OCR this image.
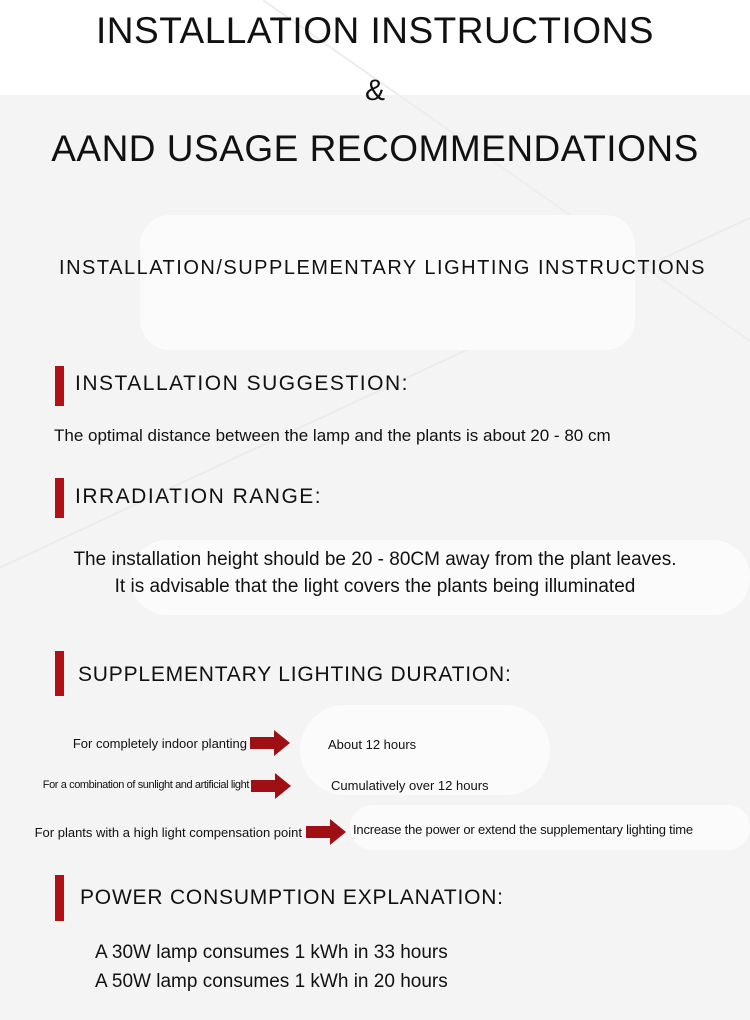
INSTALLATION INSTRUCTIONS
&
AAND USAGE RECOMMENDATIONS
INSTALLATION/SUPPLEMENTARY LIGHTING INSTRUCTIONS
INSTALLATION SUGGESTION:
The optimal distance between the lamp and the plants is about 20 - 80 cm
IRRADIATION RANGE:
The installation height should be 20 - 80CM away from the plant leaves.
It is advisable that the light covers the plants being illuminated
SUPPLEMENTARY LIGHTING DURATION:
For completely indoor planting	About 12 hours
For a combination of sunlight and artificial light	Cumulatively over 12 hours
For plants with a high light compensation point	Increase the power or extend the supplementary lighting time
POWER CONSUMPTION EXPLANATION:
A 30W lamp consumes 1 kWh in 33 hours
A 50W lamp consumes 1 kWh in 20 hours
